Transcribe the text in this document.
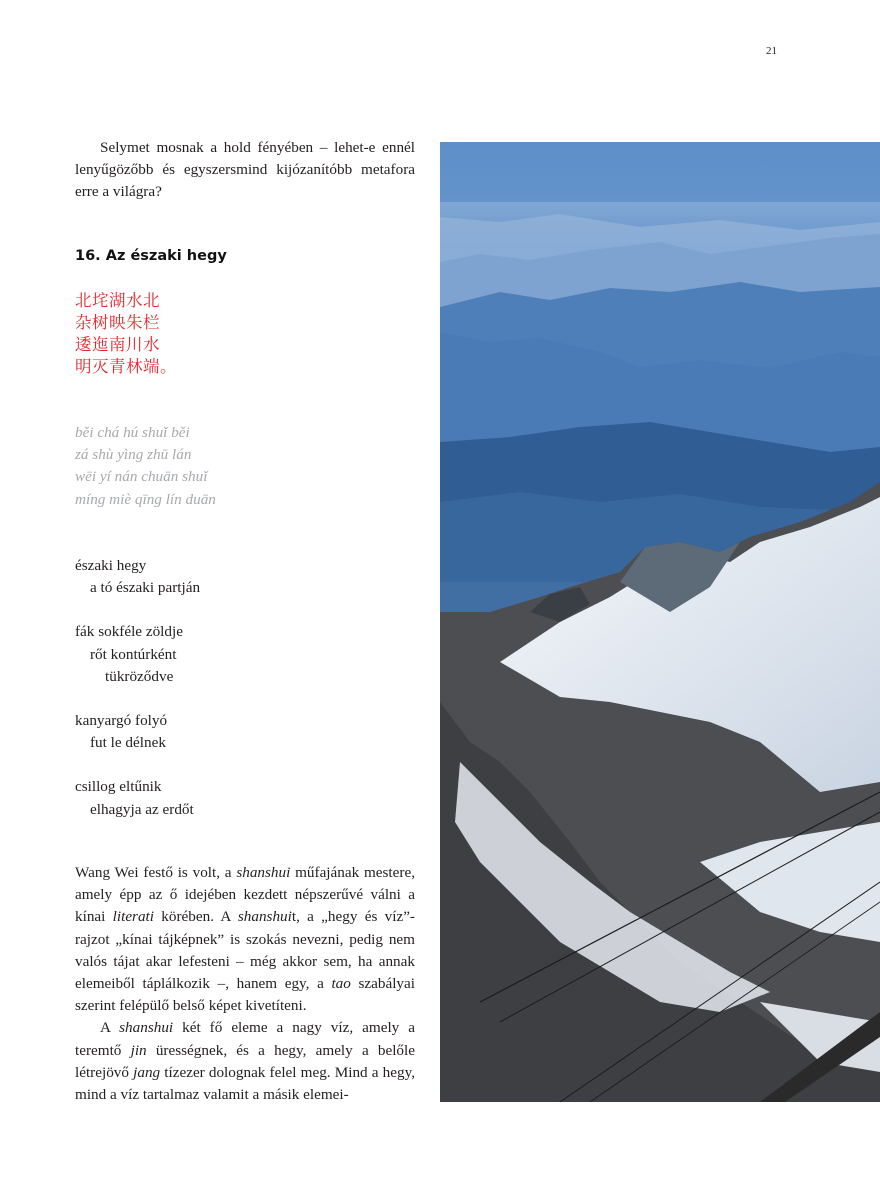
21

Selymet mosnak a hold fényében – lehet-e ennél lenyűgözőbb és egyszersmind kijózanítóbb metafora erre a világra?

16. Az északi hegy
北垞湖水北
杂树映朱栏
逶迤南川水
明灭青林端。
běi chá hú shuǐ běi
zá shù yìng zhū lán
wēi yí nán chuān shuǐ
míng miè qīng lín duān
északi hegy
a tó északi partján
fák sokféle zöldje
rőt kontúrként
tükröződve
kanyargó folyó
fut le délnek
csillog eltűnik
elhagyja az erdőt

Wang Wei festő is volt, a shanshui műfajának mestere, amely épp az ő idejében kezdett népszerűvé válni a kínai literati körében. A shanshuit, a „hegy és víz”-rajzot „kínai tájképnek” is szokás nevezni, pedig nem valós tájat akar lefesteni – még akkor sem, ha annak elemeiből táplálkozik –, hanem egy, a tao szabályai szerint felépülő belső képet kivetíteni.

A shanshui két fő eleme a nagy víz, amely a teremtő jin ürességnek, és a hegy, amely a belőle létrejövő jang tízezer dolognak felel meg. Mind a hegy, mind a víz tartalmaz valamit a másik elemei-
